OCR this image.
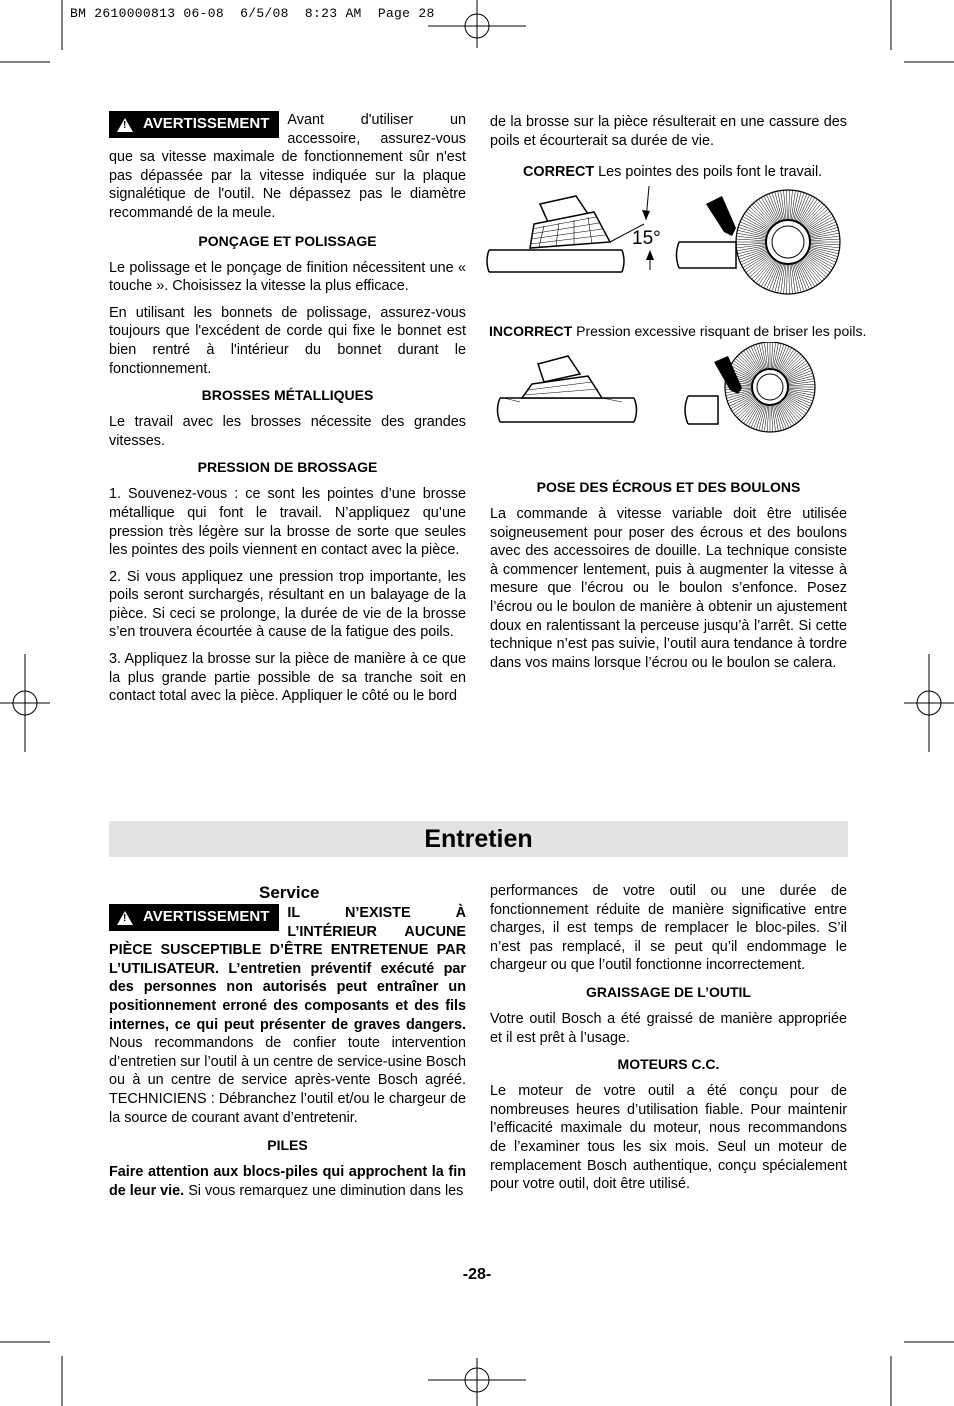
BM 2610000813 06-08  6/5/08  8:23 AM  Page 28

! AVERTISSEMENT Avant d'utiliser un accessoire, assurez-vous que sa vitesse maximale de fonctionnement sûr n'est pas dépassée par la vitesse indiquée sur la plaque signalétique de l'outil. Ne dépassez pas le diamètre recommandé de la meule.

PONÇAGE ET POLISSAGE

Le polissage et le ponçage de finition nécessitent une « touche ». Choisissez la vitesse la plus efficace.

En utilisant les bonnets de polissage, assurez-vous toujours que l'excédent de corde qui fixe le bonnet est bien rentré à l'intérieur du bonnet durant le fonctionnement.

BROSSES MÉTALLIQUES

Le travail avec les brosses nécessite des grandes vitesses.

PRESSION DE BROSSAGE

1. Souvenez-vous : ce sont les pointes d’une brosse métallique qui font le travail. N’appliquez qu’une pression très légère sur la brosse de sorte que seules les pointes des poils viennent en contact avec la pièce.

2. Si vous appliquez une pression trop importante, les poils seront surchargés, résultant en un balayage de la pièce. Si ceci se prolonge, la durée de vie de la brosse s’en trouvera écourtée à cause de la fatigue des poils.

3. Appliquez la brosse sur la pièce de manière à ce que la plus grande partie possible de sa tranche soit en contact total avec la pièce. Appliquer le côté ou le bord

de la brosse sur la pièce résulterait en une cassure des poils et écourterait sa durée de vie.

CORRECT Les pointes des poils font le travail.
15°
INCORRECT Pression excessive risquant de briser les poils.

POSE DES ÉCROUS ET DES BOULONS

La commande à vitesse variable doit être utilisée soigneusement pour poser des écrous et des boulons avec des accessoires de douille. La technique consiste à commencer lentement, puis à augmenter la vitesse à mesure que l’écrou ou le boulon s’enfonce. Posez l’écrou ou le boulon de manière à obtenir un ajustement doux en ralentissant la perceuse jusqu’à l’arrêt. Si cette technique n’est pas suivie, l’outil aura tendance à tordre dans vos mains lorsque l’écrou ou le boulon se calera.

Entretien
Service

! AVERTISSEMENT IL N’EXISTE À L’INTÉRIEUR AUCUNE PIÈCE SUSCEPTIBLE D’ÊTRE ENTRETENUE PAR L’UTILISATEUR. L’entretien préventif exécuté par des personnes non autorisés peut entraîner un positionnement erroné des composants et des fils internes, ce qui peut présenter de graves dangers. Nous recommandons de confier toute intervention d’entretien sur l’outil à un centre de service-usine Bosch ou à un centre de service après-vente Bosch agréé. TECHNICIENS : Débranchez l’outil et/ou le chargeur de la source de courant avant d’entretenir.

PILES

Faire attention aux blocs-piles qui approchent la fin de leur vie. Si vous remarquez une diminution dans les

performances de votre outil ou une durée de fonctionnement réduite de manière significative entre charges, il est temps de remplacer le bloc-piles. S’il n’est pas remplacé, il se peut qu’il endommage le chargeur ou que l’outil fonctionne incorrectement.

GRAISSAGE DE L’OUTIL

Votre outil Bosch a été graissé de manière appropriée et il est prêt à l’usage.

MOTEURS C.C.

Le moteur de votre outil a été conçu pour de nombreuses heures d’utilisation fiable. Pour maintenir l’efficacité maximale du moteur, nous recommandons de l’examiner tous les six mois. Seul un moteur de remplacement Bosch authentique, conçu spécialement pour votre outil, doit être utilisé.

-28-
